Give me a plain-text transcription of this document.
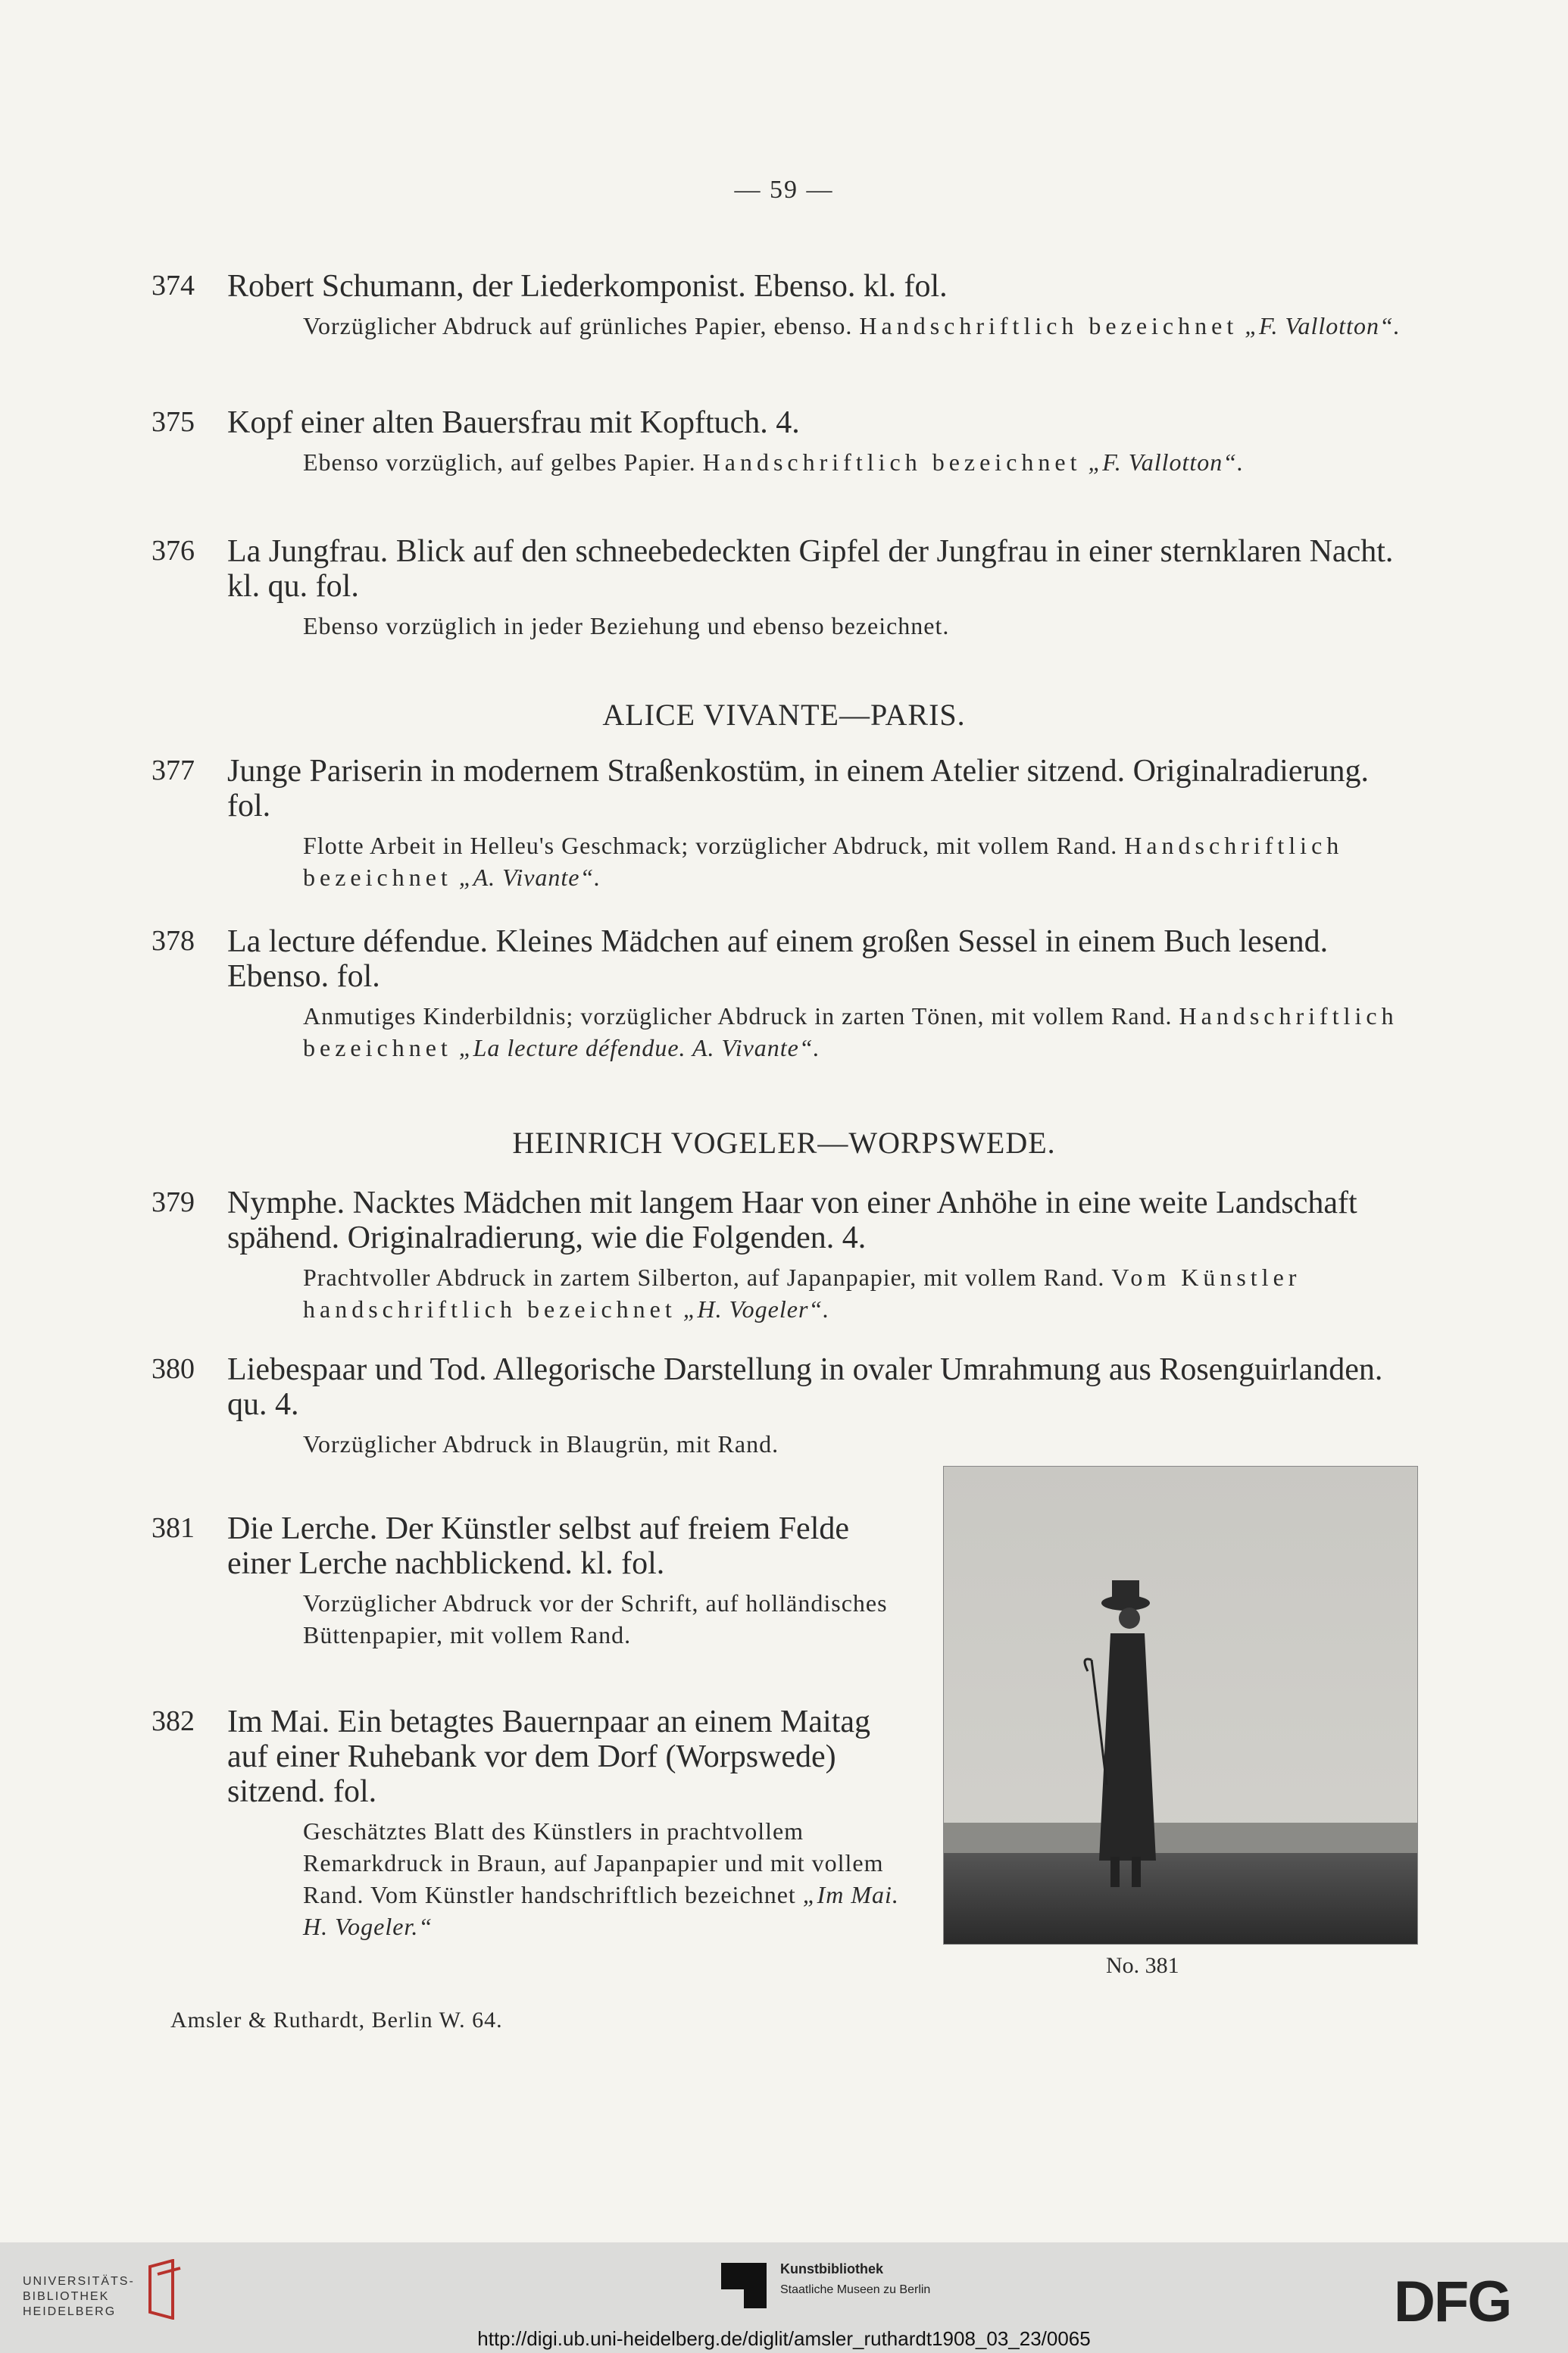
— 59 —
374 Robert Schumann, der Liederkomponist. Ebenso. kl. fol.
Vorzüglicher Abdruck auf grünliches Papier, ebenso. Handschriftlich bezeichnet „F. Vallotton“.
375 Kopf einer alten Bauersfrau mit Kopftuch. 4.
Ebenso vorzüglich, auf gelbes Papier. Handschriftlich bezeichnet „F. Vallotton“.
376 La Jungfrau. Blick auf den schneebedeckten Gipfel der Jungfrau in einer sternklaren Nacht. kl. qu. fol.
Ebenso vorzüglich in jeder Beziehung und ebenso bezeichnet.
ALICE VIVANTE—PARIS.
377 Junge Pariserin in modernem Straßenkostüm, in einem Atelier sitzend. Originalradierung. fol.
Flotte Arbeit in Helleu's Geschmack; vorzüglicher Abdruck, mit vollem Rand. Handschriftlich bezeichnet „A. Vivante“.
378 La lecture défendue. Kleines Mädchen auf einem großen Sessel in einem Buch lesend. Ebenso. fol.
Anmutiges Kinderbildnis; vorzüglicher Abdruck in zarten Tönen, mit vollem Rand. Handschriftlich bezeichnet „La lecture défendue. A. Vivante“.
HEINRICH VOGELER—WORPSWEDE.
379 Nymphe. Nacktes Mädchen mit langem Haar von einer Anhöhe in eine weite Landschaft spähend. Originalradierung, wie die Folgenden. 4.
Prachtvoller Abdruck in zartem Silberton, auf Japanpapier, mit vollem Rand. Vom Künstler handschriftlich bezeichnet „H. Vogeler“.
380 Liebespaar und Tod. Allegorische Darstellung in ovaler Umrahmung aus Rosenguirlanden. qu. 4.
Vorzüglicher Abdruck in Blaugrün, mit Rand.
381 Die Lerche. Der Künstler selbst auf freiem Felde einer Lerche nachblickend. kl. fol.
Vorzüglicher Abdruck vor der Schrift, auf holländisches Büttenpapier, mit vollem Rand.
382 Im Mai. Ein betagtes Bauernpaar an einem Maitag auf einer Ruhebank vor dem Dorf (Worpswede) sitzend. fol.
Geschätztes Blatt des Künstlers in prachtvollem Remarkdruck in Braun, auf Japanpapier und mit vollem Rand. Vom Künstler handschriftlich bezeichnet „Im Mai. H. Vogeler.“
No. 381
Amsler & Ruthardt, Berlin W. 64.
UNIVERSITÄTS-
BIBLIOTHEK
HEIDELBERG
Kunstbibliothek
Staatliche Museen zu Berlin	DFG
http://digi.ub.uni-heidelberg.de/diglit/amsler_ruthardt1908_03_23/0065
